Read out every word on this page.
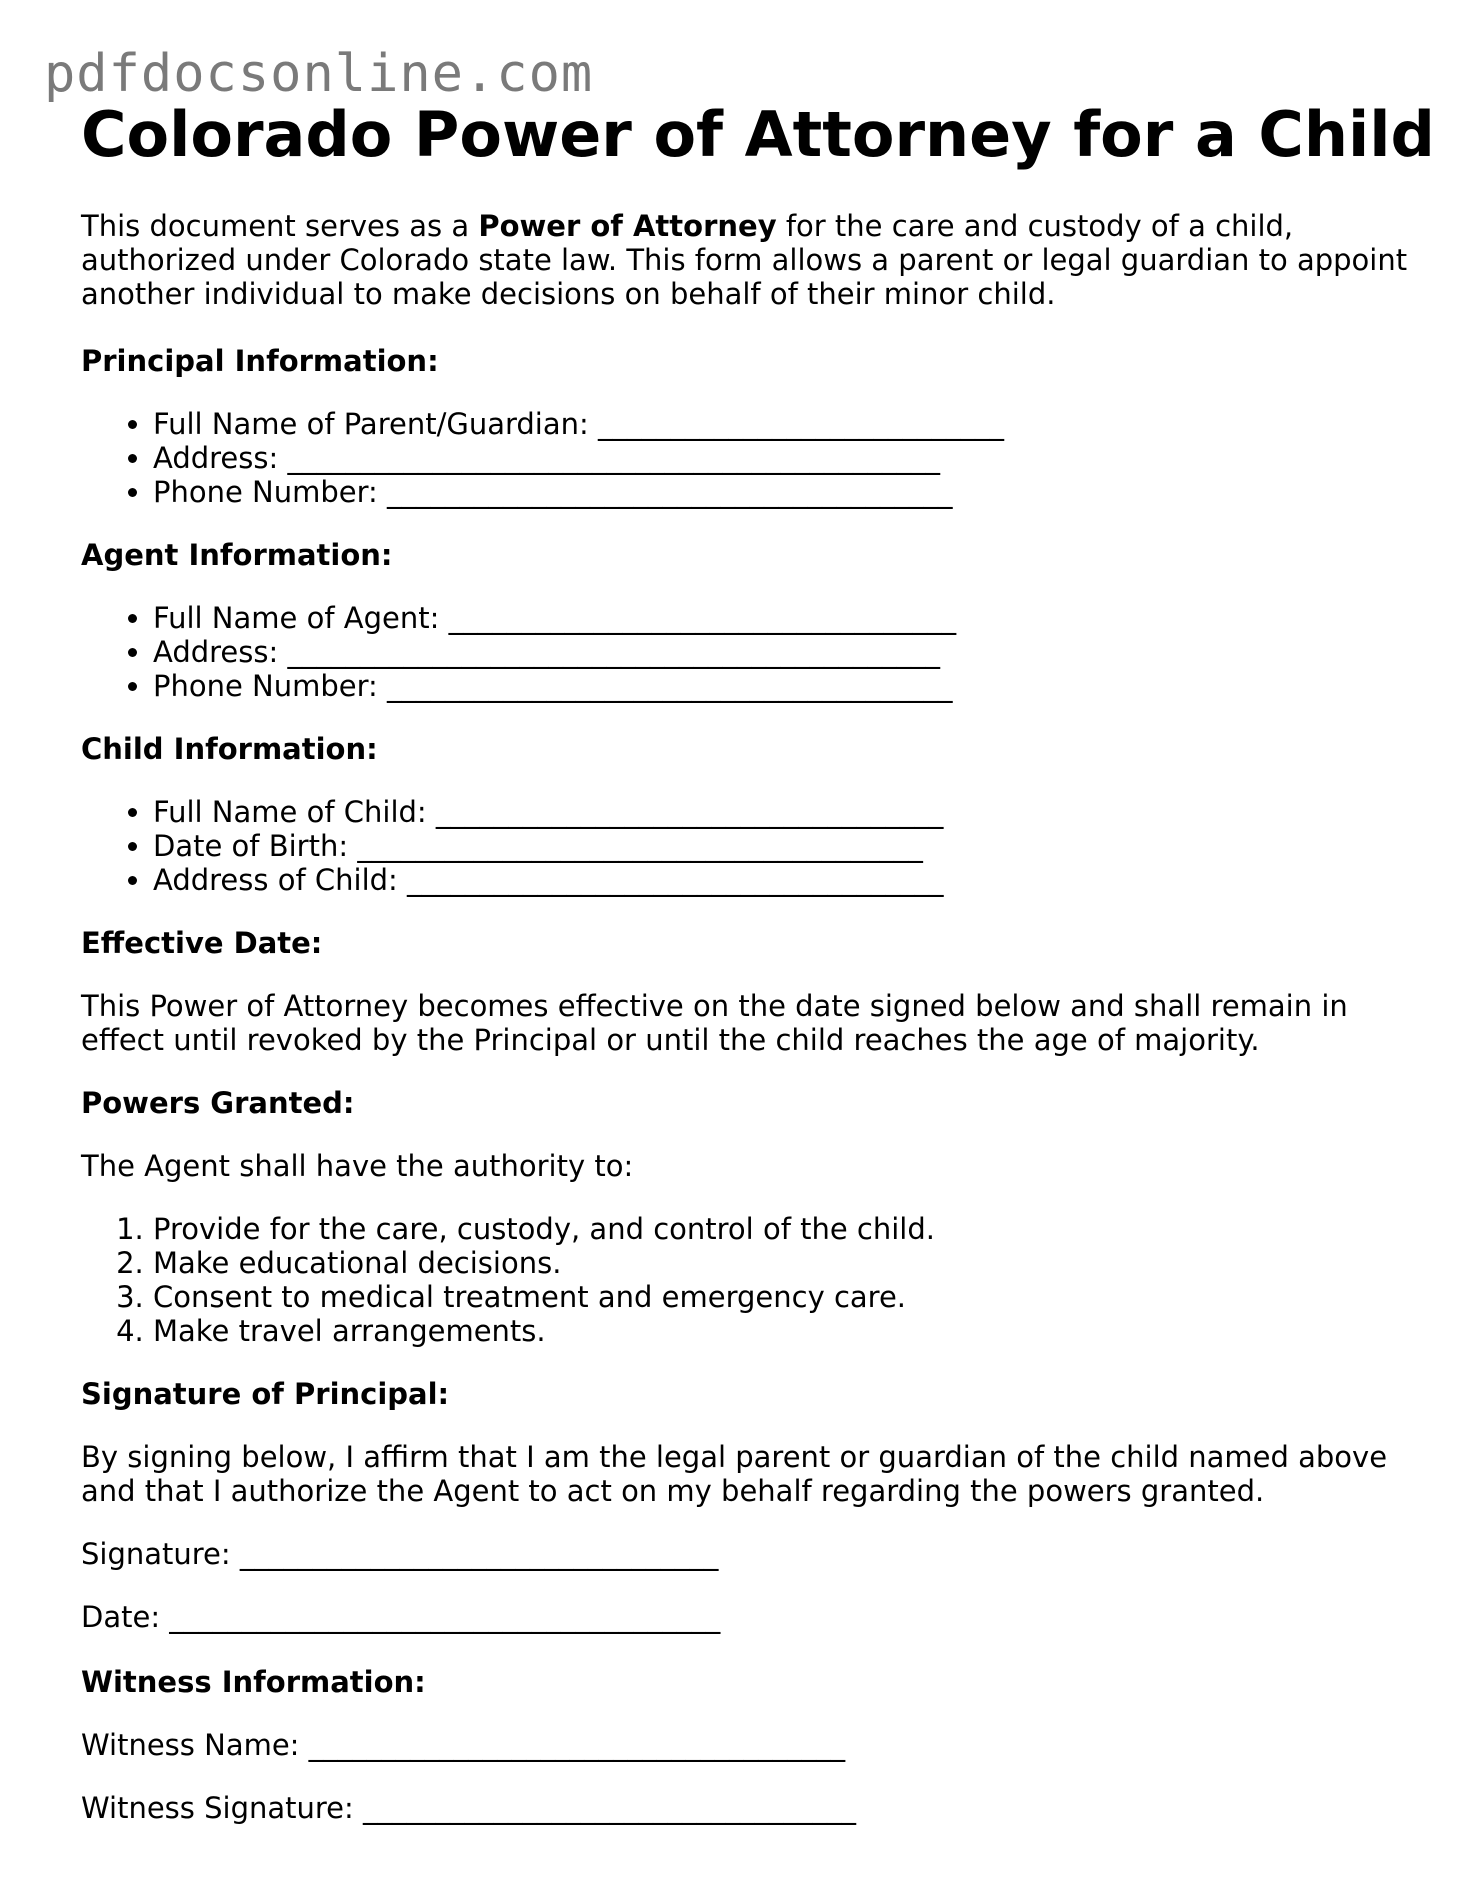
pdfdocsonline.com
Colorado Power of Attorney for a Child

This document serves as a Power of Attorney for the care and custody of a child, authorized under Colorado state law. This form allows a parent or legal guardian to appoint another individual to make decisions on behalf of their minor child.

Principal Information:
• Full Name of Parent/Guardian: ____________________________
• Address: _____________________________________________
• Phone Number: _______________________________________
Agent Information:
• Full Name of Agent: ___________________________________
• Address: _____________________________________________
• Phone Number: _______________________________________
Child Information:
• Full Name of Child: ___________________________________
• Date of Birth: _______________________________________
• Address of Child: _____________________________________
Effective Date:

This Power of Attorney becomes effective on the date signed below and shall remain in effect until revoked by the Principal or until the child reaches the age of majority.

Powers Granted:

The Agent shall have the authority to:

1. Provide for the care, custody, and control of the child.
2. Make educational decisions.
3. Consent to medical treatment and emergency care.
4. Make travel arrangements.
Signature of Principal:

By signing below, I affirm that I am the legal parent or guardian of the child named above and that I authorize the Agent to act on my behalf regarding the powers granted.

Signature: _________________________________

Date: ______________________________________

Witness Information:

Witness Name: _____________________________________

Witness Signature: __________________________________
